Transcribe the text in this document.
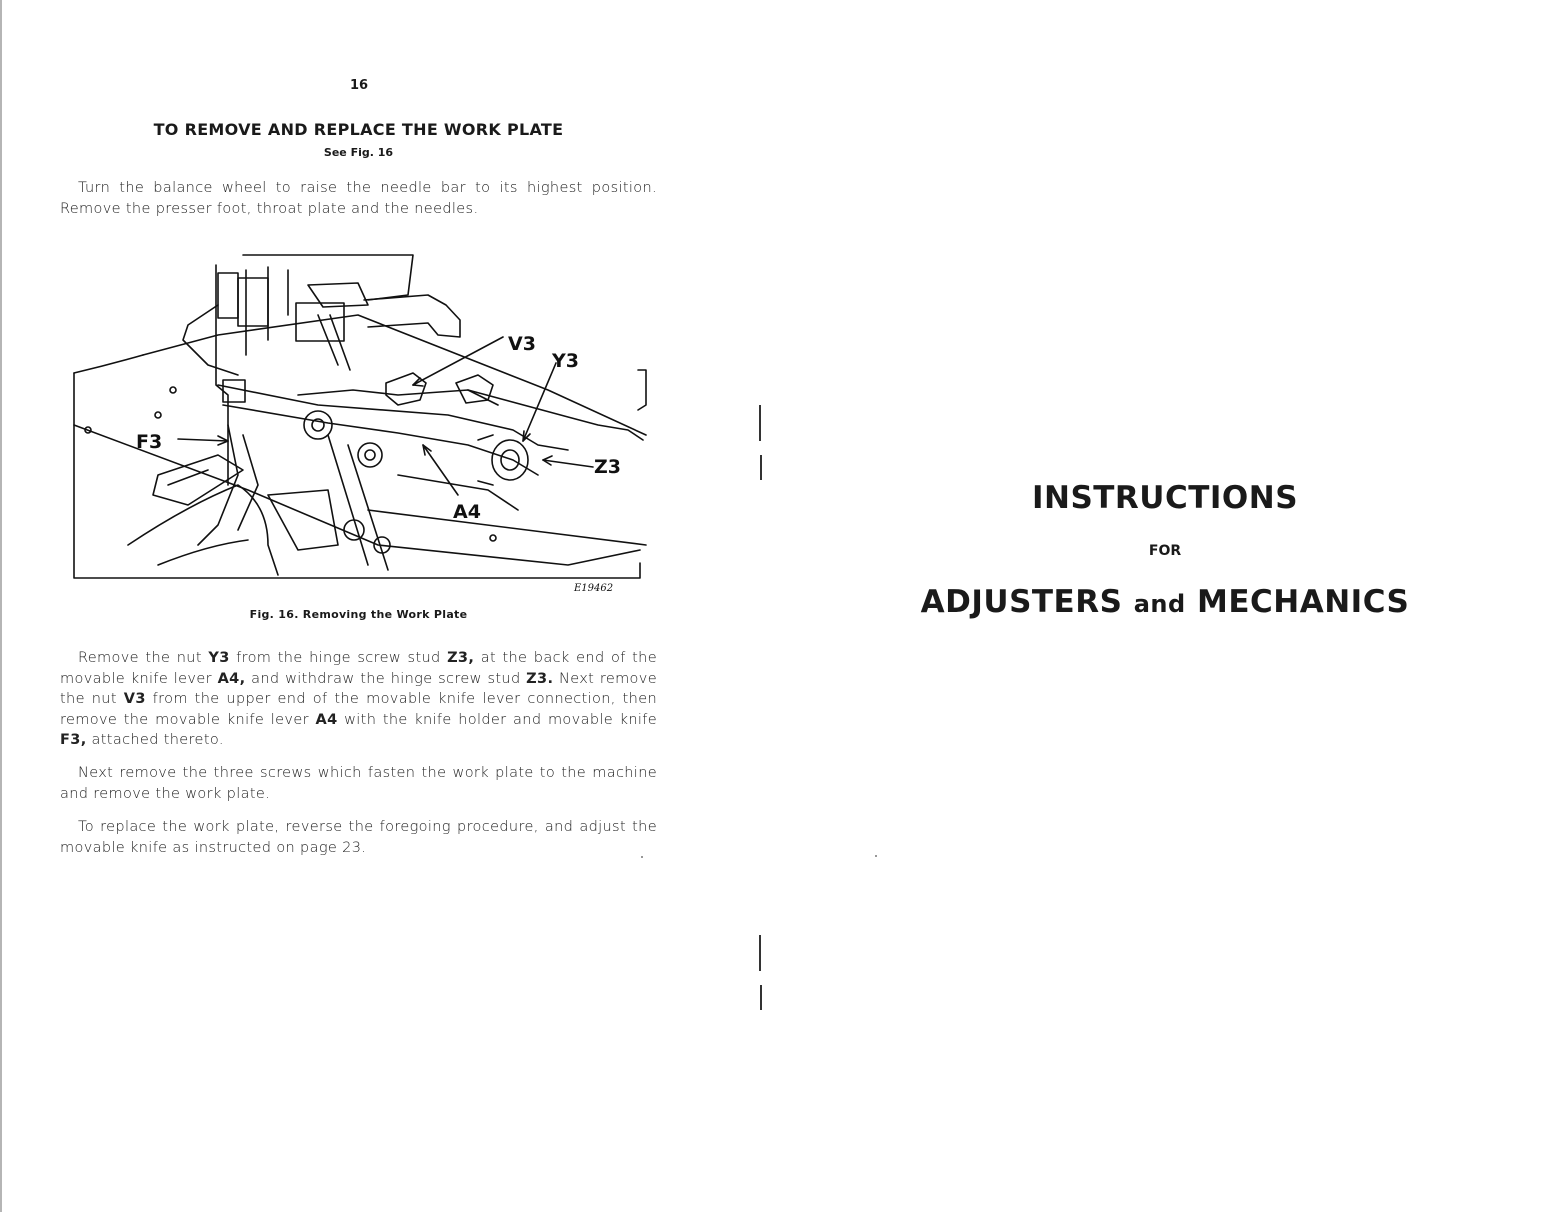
16
TO REMOVE AND REPLACE THE WORK PLATE
See Fig. 16
Turn the balance wheel to raise the needle bar to its highest position. Remove the presser foot, throat plate and the needles.
V3
Y3
F3
Z3
A4
E19462
Fig. 16. Removing the Work Plate
Remove the nut Y3 from the hinge screw stud Z3, at the back end of the movable knife lever A4, and withdraw the hinge screw stud Z3. Next remove the nut V3 from the upper end of the movable knife lever connection, then remove the movable knife lever A4 with the knife holder and movable knife F3, attached thereto.
Next remove the three screws which fasten the work plate to the machine and remove the work plate.
To replace the work plate, reverse the foregoing procedure, and adjust the movable knife as instructed on page 23.
INSTRUCTIONS
FOR
ADJUSTERS and MECHANICS
